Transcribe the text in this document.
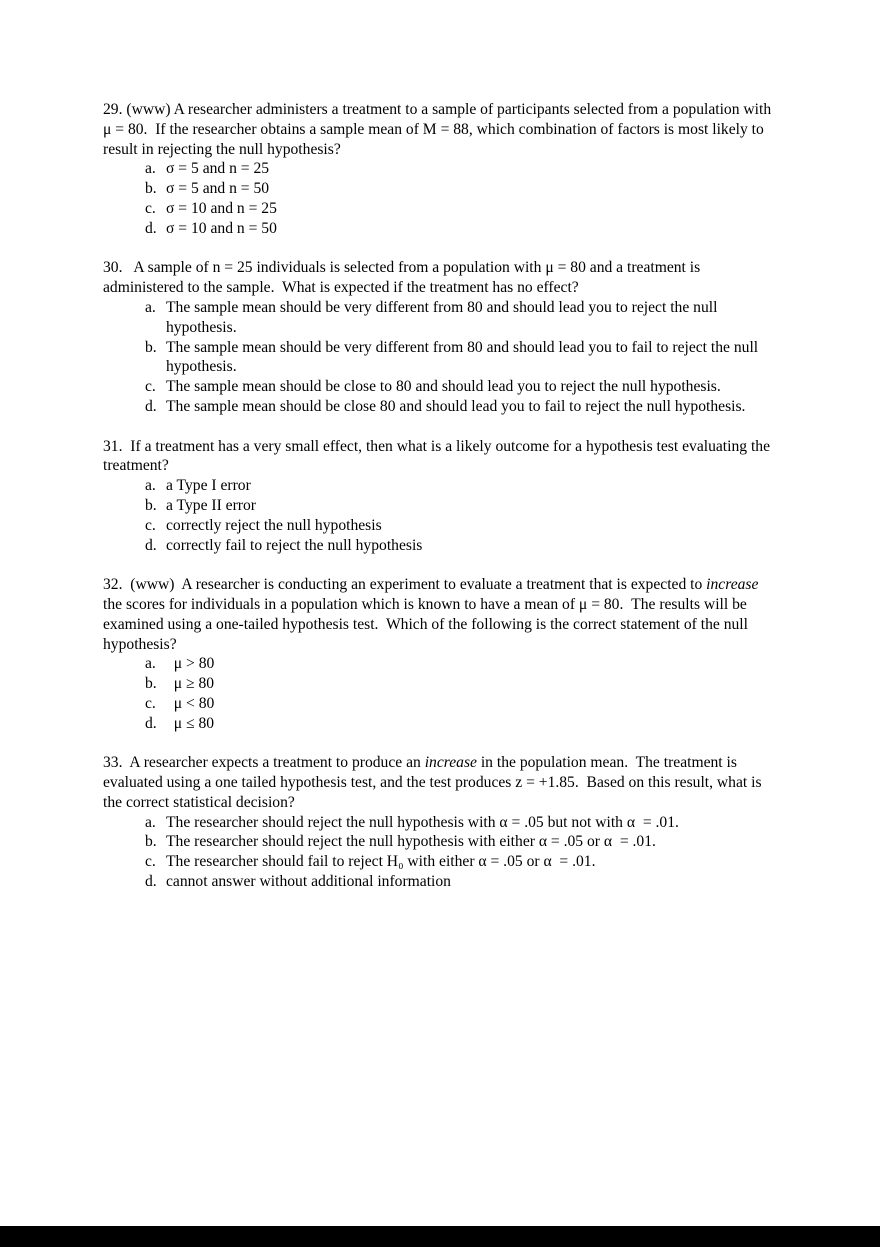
29. (www) A researcher administers a treatment to a sample of participants selected from a population with μ = 80.  If the researcher obtains a sample mean of M = 88, which combination of factors is most likely to result in rejecting the null hypothesis?

a. σ = 5 and n = 25
b. σ = 5 and n = 50
c. σ = 10 and n = 25
d. σ = 10 and n = 50

30.   A sample of n = 25 individuals is selected from a population with μ = 80 and a treatment is administered to the sample.  What is expected if the treatment has no effect?

a. The sample mean should be very different from 80 and should lead you to reject the null hypothesis.
b. The sample mean should be very different from 80 and should lead you to fail to reject the null hypothesis.
c. The sample mean should be close to 80 and should lead you to reject the null hypothesis.
d. The sample mean should be close 80 and should lead you to fail to reject the null hypothesis.

31.  If a treatment has a very small effect, then what is a likely outcome for a hypothesis test evaluating the treatment?

a. a Type I error
b. a Type II error
c. correctly reject the null hypothesis
d. correctly fail to reject the null hypothesis

32.  (www)  A researcher is conducting an experiment to evaluate a treatment that is expected to increase the scores for individuals in a population which is known to have a mean of μ = 80.  The results will be examined using a one-tailed hypothesis test.  Which of the following is the correct statement of the null hypothesis?

a. μ > 80
b. μ ≥ 80
c. μ < 80
d. μ ≤ 80

33.  A researcher expects a treatment to produce an increase in the population mean.  The treatment is evaluated using a one tailed hypothesis test, and the test produces z = +1.85.  Based on this result, what is the correct statistical decision?

a. The researcher should reject the null hypothesis with α = .05 but not with α  = .01.
b. The researcher should reject the null hypothesis with either α = .05 or α  = .01.
c. The researcher should fail to reject H₀ with either α = .05 or α  = .01.
d. cannot answer without additional information
